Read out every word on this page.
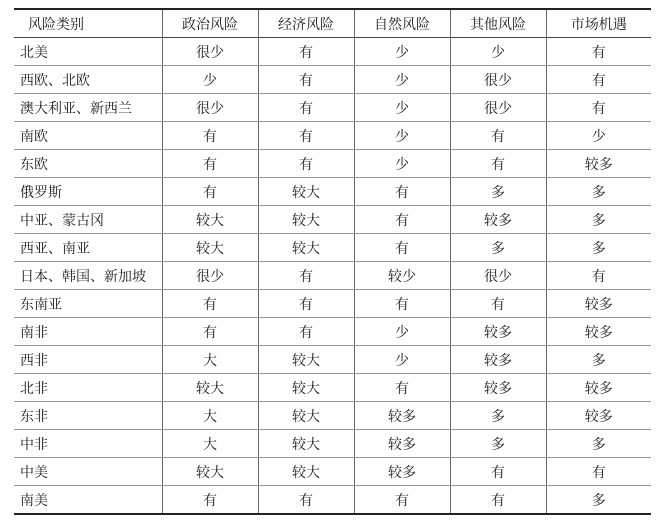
风险类别	政治风险	经济风险	自然风险	其他风险	市场机遇
北美	很少	有	少	少	有
西欧、北欧	少	有	少	很少	有
澳大利亚、新西兰	很少	有	少	很少	有
南欧	有	有	少	有	少
东欧	有	有	少	有	较多
俄罗斯	有	较大	有	多	多
中亚、蒙古冈	较大	较大	有	较多	多
西亚、南亚	较大	较大	有	多	多
日本、韩国、新加坡	很少	有	较少	很少	有
东南亚	有	有	有	有	较多
南非	有	有	少	较多	较多
西非	大	较大	少	较多	多
北非	较大	较大	有	较多	较多
东非	大	较大	较多	多	较多
中非	大	较大	较多	多	多
中美	较大	较大	较多	有	有
南美	有	有	有	有	多
